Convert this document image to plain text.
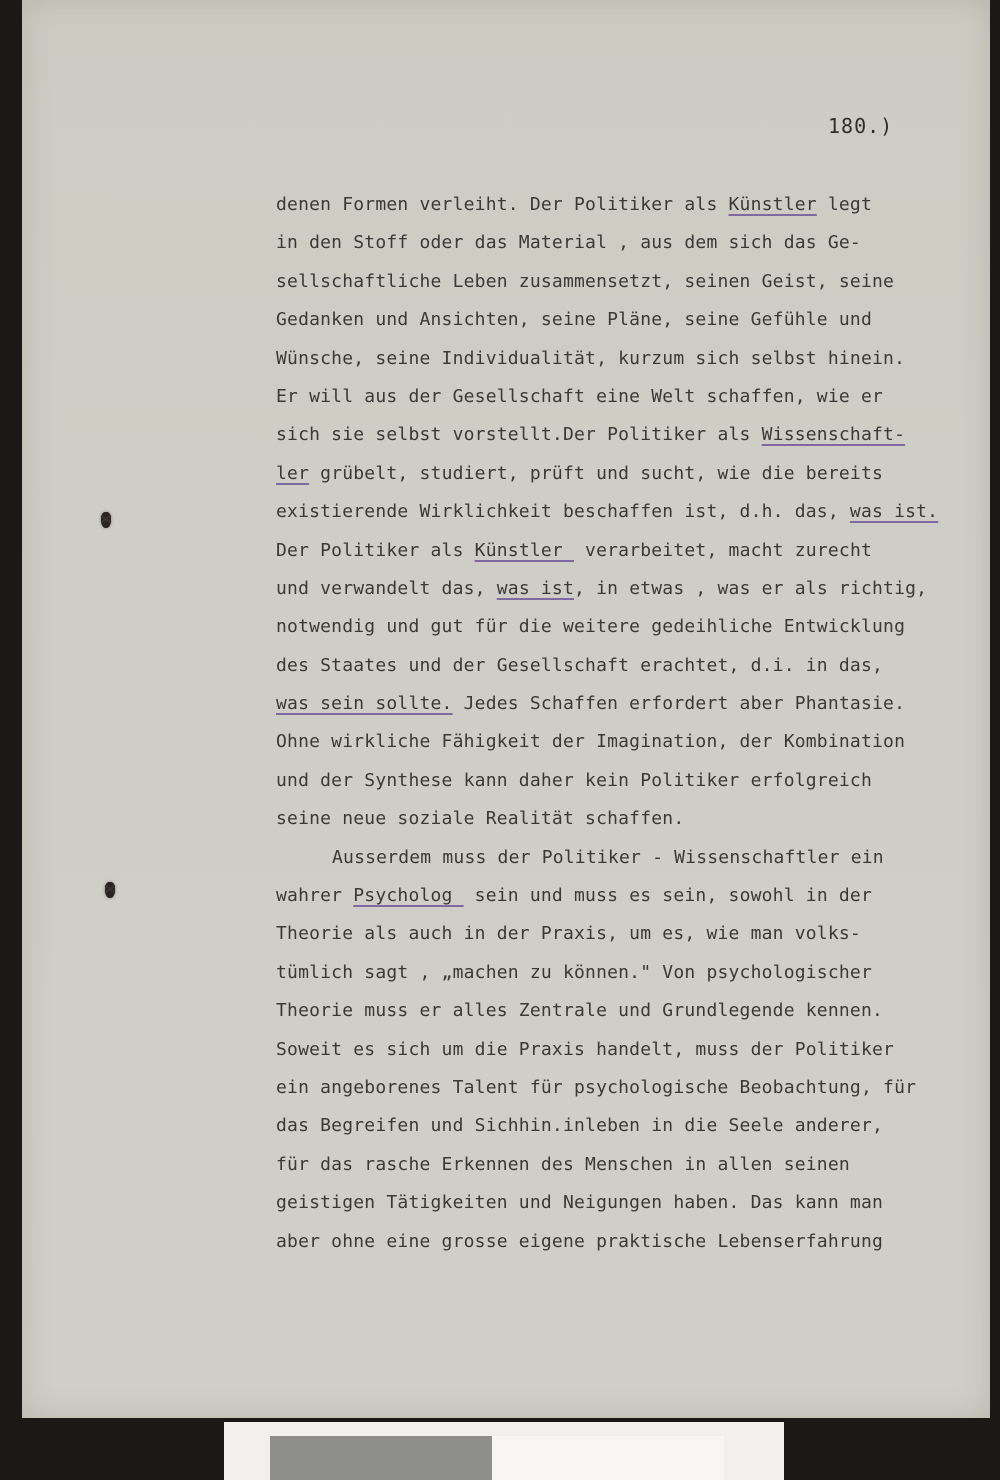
180.)
denen Formen verleiht. Der Politiker als Künstler legt
in den Stoff oder das Material , aus dem sich das Ge-
sellschaftliche Leben zusammensetzt, seinen Geist, seine
Gedanken und Ansichten, seine Pläne, seine Gefühle und
Wünsche, seine Individualität, kurzum sich selbst hinein.
Er will aus der Gesellschaft eine Welt schaffen, wie er
sich sie selbst vorstellt.Der Politiker als Wissenschaft-
ler grübelt, studiert, prüft und sucht, wie die bereits
existierende Wirklichkeit beschaffen ist, d.h. das, was ist.
Der Politiker als Künstler  verarbeitet, macht zurecht
und verwandelt das, was ist, in etwas , was er als richtig,
notwendig und gut für die weitere gedeihliche Entwicklung
des Staates und der Gesellschaft erachtet, d.i. in das,
was sein sollte. Jedes Schaffen erfordert aber Phantasie.
Ohne wirkliche Fähigkeit der Imagination, der Kombination
und der Synthese kann daher kein Politiker erfolgreich
seine neue soziale Realität schaffen.
Ausserdem muss der Politiker - Wissenschaftler ein
wahrer Psycholog  sein und muss es sein, sowohl in der
Theorie als auch in der Praxis, um es, wie man volks-
tümlich sagt , „machen zu können." Von psychologischer
Theorie muss er alles Zentrale und Grundlegende kennen.
Soweit es sich um die Praxis handelt, muss der Politiker
ein angeborenes Talent für psychologische Beobachtung, für
das Begreifen und Sichhin.inleben in die Seele anderer,
für das rasche Erkennen des Menschen in allen seinen
geistigen Tätigkeiten und Neigungen haben. Das kann man
aber ohne eine grosse eigene praktische Lebenserfahrung
